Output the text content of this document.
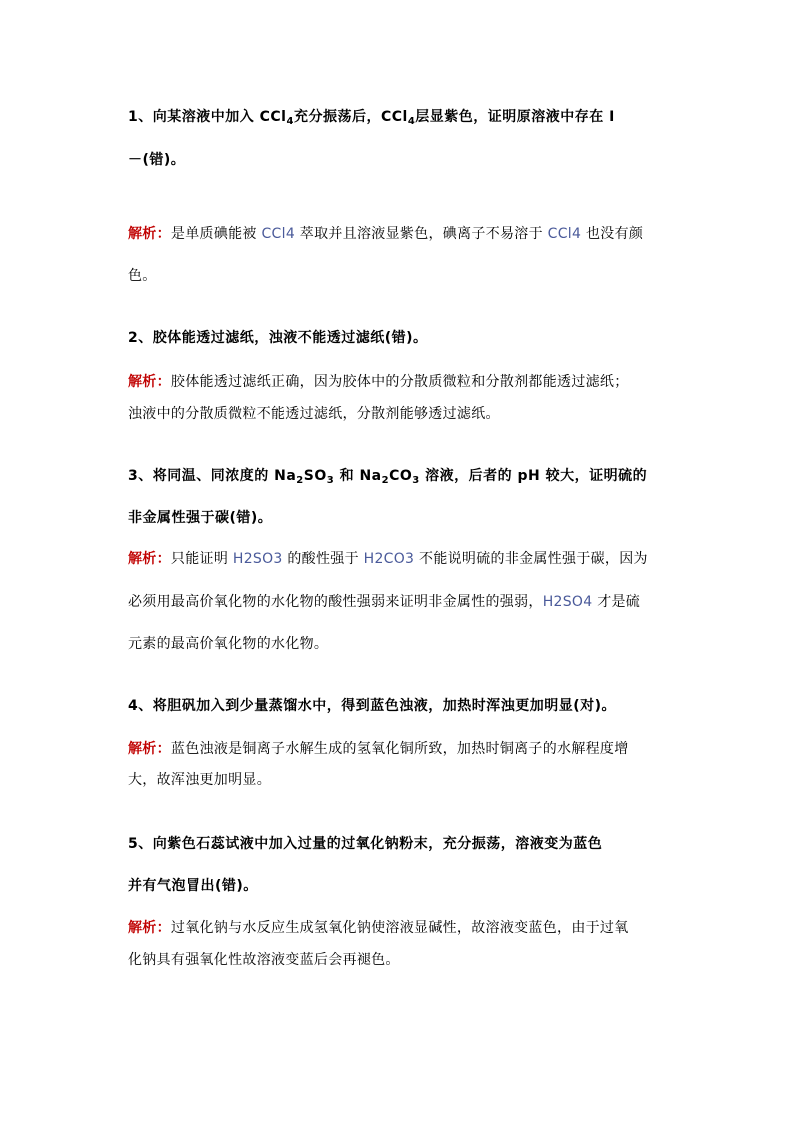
1、向某溶液中加入 CCl$_4$充分振荡后，CCl$_4$层显紫色，证明原溶液中存在 I
－(错)。
解析：是单质碘能被 CCl4 萃取并且溶液显紫色，碘离子不易溶于 CCl4 也没有颜
色。
2、胶体能透过滤纸，浊液不能透过滤纸(错)。
解析：胶体能透过滤纸正确，因为胶体中的分散质微粒和分散剂都能透过滤纸；
浊液中的分散质微粒不能透过滤纸，分散剂能够透过滤纸。
3、将同温、同浓度的 $Na_2SO_3$ 和 $Na_2CO_3$ 溶液，后者的 pH 较大，证明硫的
非金属性强于碳(错)。
解析：只能证明 H2SO3 的酸性强于 H2CO3 不能说明硫的非金属性强于碳，因为
必须用最高价氧化物的水化物的酸性强弱来证明非金属性的强弱，H2SO4 才是硫
元素的最高价氧化物的水化物。
4、将胆矾加入到少量蒸馏水中，得到蓝色浊液，加热时浑浊更加明显(对)。
解析：蓝色浊液是铜离子水解生成的氢氧化铜所致，加热时铜离子的水解程度增
大，故浑浊更加明显。
5、向紫色石蕊试液中加入过量的过氧化钠粉末，充分振荡，溶液变为蓝色
并有气泡冒出(错)。
解析：过氧化钠与水反应生成氢氧化钠使溶液显碱性，故溶液变蓝色，由于过氧
化钠具有强氧化性故溶液变蓝后会再褪色。
